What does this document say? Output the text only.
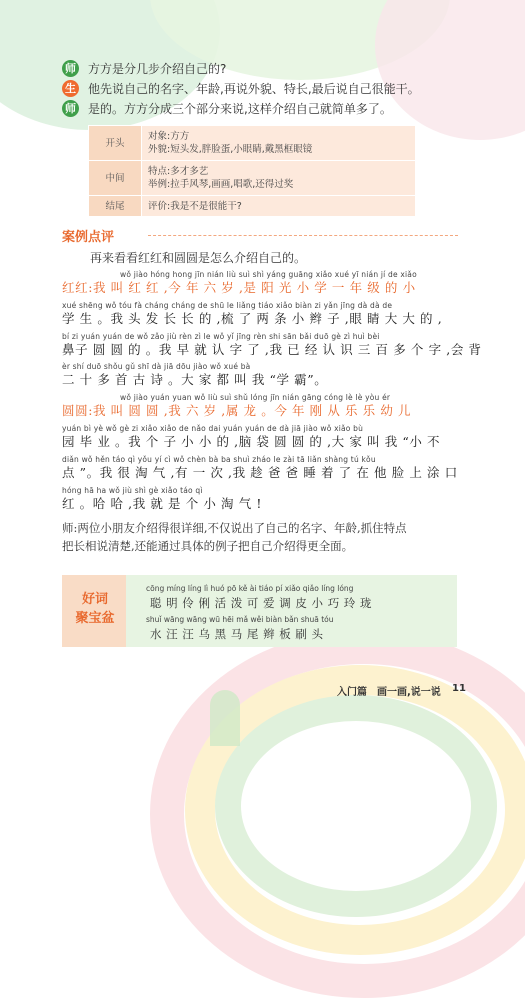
师 方方是分几步介绍自己的?
生 他先说自己的名字、年龄,再说外貌、特长,最后说自己很能干。
师 是的。方方分成三个部分来说,这样介绍自己就简单多了。
开头	对象:方方
外貌:短头发,胖脸蛋,小眼睛,戴黑框眼镜

中间	特点:多才多艺
举例:拉手风琴,画画,唱歌,还得过奖

结尾	评价:我是不是很能干?
案例点评
再来看看红红和圆圆是怎么介绍自己的。
wǒ jiào hóng hong jīn nián liù suì shì yáng guāng xiǎo xué yī nián jí de xiǎo
红红:我 叫 红 红 ,今 年 六 岁 ,是 阳 光 小 学 一 年 级 的 小
xué shēng wǒ tóu fà cháng cháng de shū le liǎng tiáo xiǎo biàn zi yǎn jīng dà dà de
学 生 。我 头 发 长 长 的 ,梳 了 两 条 小 辫 子 ,眼 睛 大 大 的 ,
bí zi yuán yuán de wǒ zǎo jiù rèn zì le wǒ yǐ jīng rèn shi sān bǎi duō gè zì huì bèi
鼻子 圆 圆 的 。我 早 就 认 字 了 ,我 已 经 认 识 三 百 多 个 字 ,会 背
èr shí duō shǒu gǔ shī dà jiā dōu jiào wǒ xué bà
二 十 多 首 古 诗 。大 家 都 叫 我 “学 霸”。
wǒ jiào yuán yuan wǒ liù suì shǔ lóng jīn nián gāng cóng lè lè yòu ér
圆圆:我 叫 圆 圆 ,我 六 岁 ,属 龙 。今 年 刚 从 乐 乐 幼 儿
yuán bì yè wǒ gè zi xiǎo xiǎo de nǎo dai yuán yuán de dà jiā jiào wǒ xiǎo bù
园 毕 业 。我 个 子 小 小 的 ,脑 袋 圆 圆 的 ,大 家 叫 我 “小 不
diǎn wǒ hěn táo qì yǒu yí cì wǒ chèn bà ba shuì zháo le zài tā liǎn shàng tú kǒu
点 ”。我 很 淘 气 ,有 一 次 ,我 趁 爸 爸 睡 着 了 在 他 脸 上 涂 口
hóng hā ha wǒ jiù shì gè xiǎo táo qì
红 。哈 哈 ,我 就 是 个 小 淘 气 !
师:两位小朋友介绍得很详细,不仅说出了自己的名字、年龄,抓住特点
把长相说清楚,还能通过具体的例子把自己介绍得更全面。
好词
聚宝盆
cōng míng líng lì huó pō kě ài tiáo pí xiǎo qiǎo líng lóng
聪 明 伶 俐 活 泼 可 爱 调 皮 小 巧 玲 珑
shuǐ wāng wāng wū hēi mǎ wěi biàn bǎn shuā tóu
水 汪 汪 乌 黑 马 尾 辫 板 刷 头
入门篇 画一画,说一说 11
